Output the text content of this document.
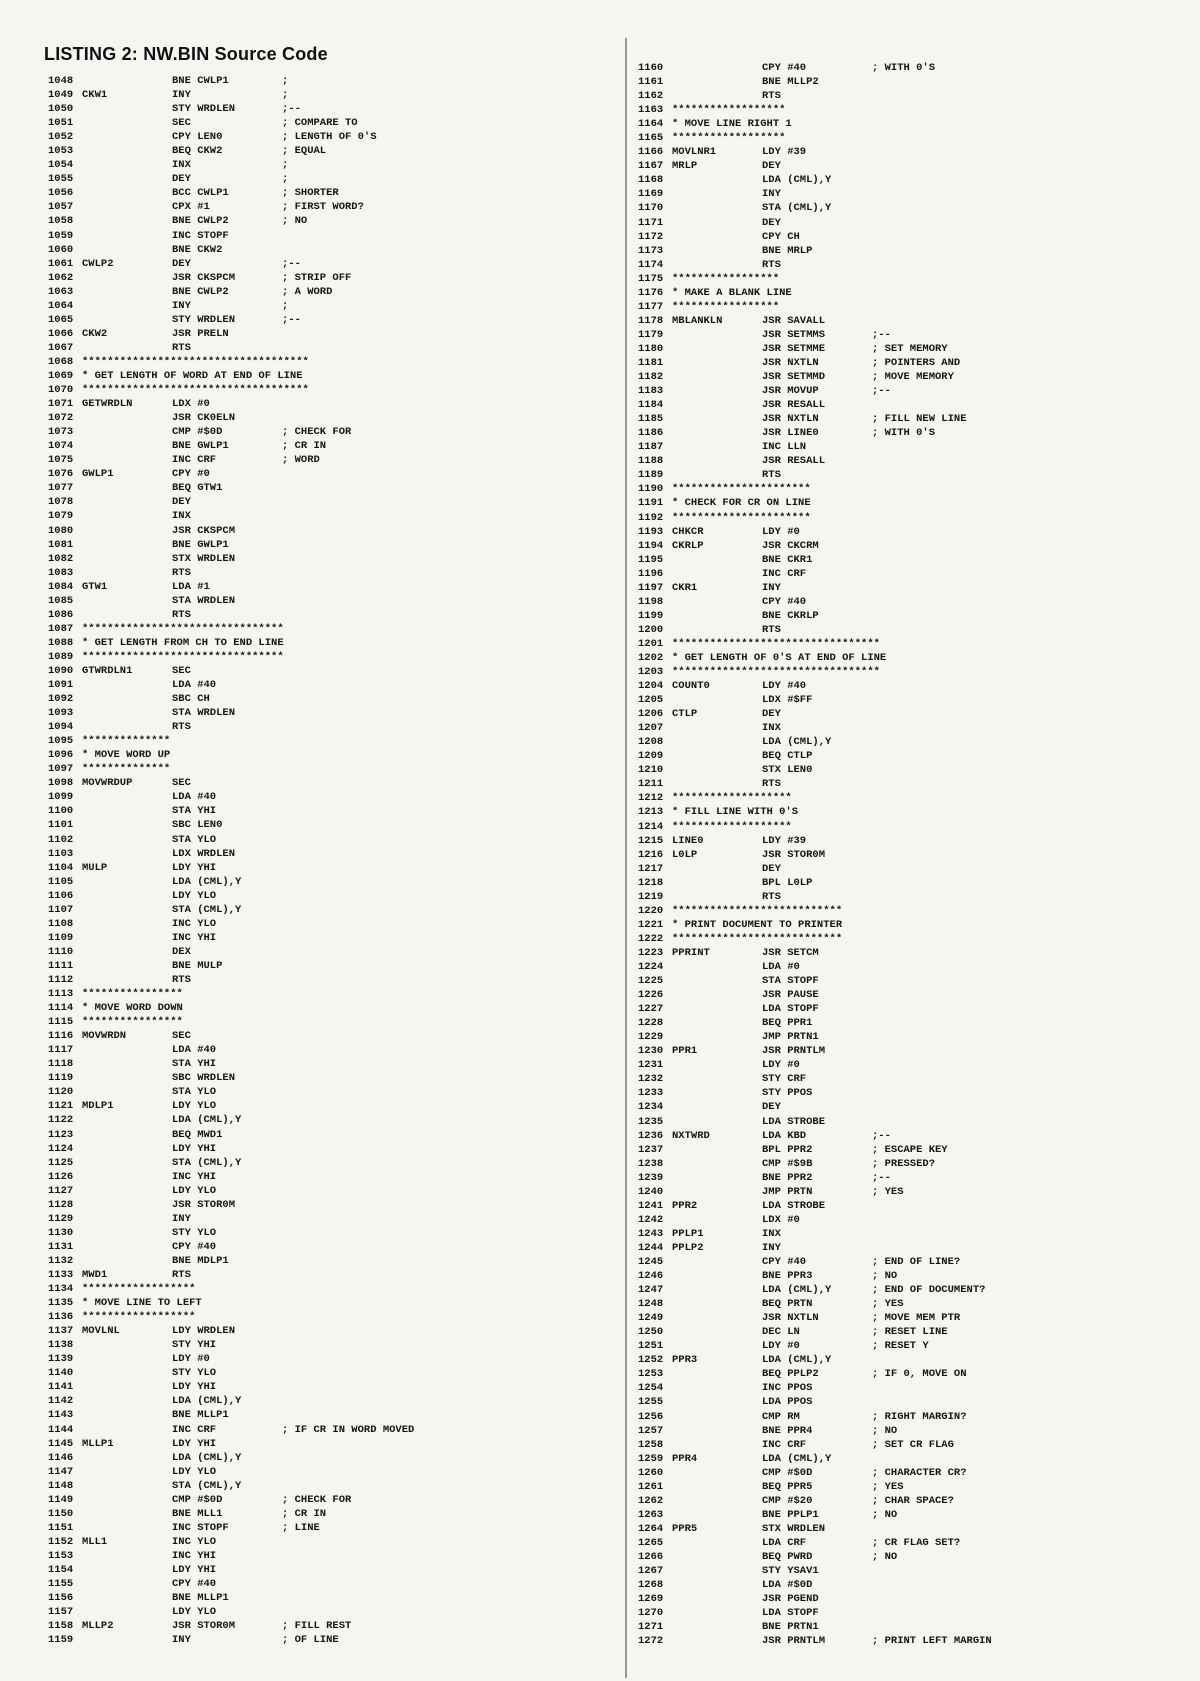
LISTING 2: NW.BIN Source Code
1048	BNE CWLP1	;
1049 CKW1	INY	;
1050	STY WRDLEN	;--
1051	SEC	; COMPARE TO
1052	CPY LEN0	; LENGTH OF 0'S
1053	BEQ CKW2	; EQUAL
1054	INX	;
1055	DEY	;
1056	BCC CWLP1	; SHORTER
1057	CPX #1	; FIRST WORD?
1058	BNE CWLP2	; NO
1059	INC STOPF
1060	BNE CKW2
1061 CWLP2	DEY	;--
1062	JSR CKSPCM	; STRIP OFF
1063	BNE CWLP2	; A WORD
1064	INY	;
1065	STY WRDLEN	;--
1066 CKW2	JSR PRELN
1067	RTS
1068 ************************************
1069 * GET LENGTH OF WORD AT END OF LINE
1070 ************************************
1071 GETWRDLN	LDX #0
1072	JSR CK0ELN
1073	CMP #$0D	; CHECK FOR
1074	BNE GWLP1	; CR IN
1075	INC CRF	; WORD
1076 GWLP1	CPY #0
1077	BEQ GTW1
1078	DEY
1079	INX
1080	JSR CKSPCM
1081	BNE GWLP1
1082	STX WRDLEN
1083	RTS
1084 GTW1	LDA #1
1085	STA WRDLEN
1086	RTS
1087 ********************************
1088 * GET LENGTH FROM CH TO END LINE
1089 ********************************
1090 GTWRDLN1	SEC
1091	LDA #40
1092	SBC CH
1093	STA WRDLEN
1094	RTS
1095 **************
1096 * MOVE WORD UP
1097 **************
1098 MOVWRDUP	SEC
1099	LDA #40
1100	STA YHI
1101	SBC LEN0
1102	STA YLO
1103	LDX WRDLEN
1104 MULP	LDY YHI
1105	LDA (CML),Y
1106	LDY YLO
1107	STA (CML),Y
1108	INC YLO
1109	INC YHI
1110	DEX
1111	BNE MULP
1112	RTS
1113 ****************
1114 * MOVE WORD DOWN
1115 ****************
1116 MOVWRDN	SEC
1117	LDA #40
1118	STA YHI
1119	SBC WRDLEN
1120	STA YLO
1121 MDLP1	LDY YLO
1122	LDA (CML),Y
1123	BEQ MWD1
1124	LDY YHI
1125	STA (CML),Y
1126	INC YHI
1127	LDY YLO
1128	JSR STOR0M
1129	INY
1130	STY YLO
1131	CPY #40
1132	BNE MDLP1
1133 MWD1	RTS
1134 ******************
1135 * MOVE LINE TO LEFT
1136 ******************
1137 MOVLNL	LDY WRDLEN
1138	STY YHI
1139	LDY #0
1140	STY YLO
1141	LDY YHI
1142	LDA (CML),Y
1143	BNE MLLP1
1144	INC CRF	; IF CR IN WORD MOVED
1145 MLLP1	LDY YHI
1146	LDA (CML),Y
1147	LDY YLO
1148	STA (CML),Y
1149	CMP #$0D	; CHECK FOR
1150	BNE MLL1	; CR IN
1151	INC STOPF	; LINE
1152 MLL1	INC YLO
1153	INC YHI
1154	LDY YHI
1155	CPY #40
1156	BNE MLLP1
1157	LDY YLO
1158 MLLP2	JSR STOR0M	; FILL REST
1159	INY	; OF LINE
1160	CPY #40	; WITH 0'S
1161	BNE MLLP2
1162	RTS
1163 ******************
1164 * MOVE LINE RIGHT 1
1165 ******************
1166 MOVLNR1	LDY #39
1167 MRLP	DEY
1168	LDA (CML),Y
1169	INY
1170	STA (CML),Y
1171	DEY
1172	CPY CH
1173	BNE MRLP
1174	RTS
1175 *****************
1176 * MAKE A BLANK LINE
1177 *****************
1178 MBLANKLN	JSR SAVALL
1179	JSR SETMMS	;--
1180	JSR SETMME	; SET MEMORY
1181	JSR NXTLN	; POINTERS AND
1182	JSR SETMMD	; MOVE MEMORY
1183	JSR MOVUP	;--
1184	JSR RESALL
1185	JSR NXTLN	; FILL NEW LINE
1186	JSR LINE0	; WITH 0'S
1187	INC LLN
1188	JSR RESALL
1189	RTS
1190 **********************
1191 * CHECK FOR CR ON LINE
1192 **********************
1193 CHKCR	LDY #0
1194 CKRLP	JSR CKCRM
1195	BNE CKR1
1196	INC CRF
1197 CKR1	INY
1198	CPY #40
1199	BNE CKRLP
1200	RTS
1201 *********************************
1202 * GET LENGTH OF 0'S AT END OF LINE
1203 *********************************
1204 COUNT0	LDY #40
1205	LDX #$FF
1206 CTLP	DEY
1207	INX
1208	LDA (CML),Y
1209	BEQ CTLP
1210	STX LEN0
1211	RTS
1212 *******************
1213 * FILL LINE WITH 0'S
1214 *******************
1215 LINE0	LDY #39
1216 L0LP	JSR STOR0M
1217	DEY
1218	BPL L0LP
1219	RTS
1220 ***************************
1221 * PRINT DOCUMENT TO PRINTER
1222 ***************************
1223 PPRINT	JSR SETCM
1224	LDA #0
1225	STA STOPF
1226	JSR PAUSE
1227	LDA STOPF
1228	BEQ PPR1
1229	JMP PRTN1
1230 PPR1	JSR PRNTLM
1231	LDY #0
1232	STY CRF
1233	STY PPOS
1234	DEY
1235	LDA STROBE
1236 NXTWRD	LDA KBD	;--
1237	BPL PPR2	; ESCAPE KEY
1238	CMP #$9B	; PRESSED?
1239	BNE PPR2	;--
1240	JMP PRTN	; YES
1241 PPR2	LDA STROBE
1242	LDX #0
1243 PPLP1	INX
1244 PPLP2	INY
1245	CPY #40	; END OF LINE?
1246	BNE PPR3	; NO
1247	LDA (CML),Y	; END OF DOCUMENT?
1248	BEQ PRTN	; YES
1249	JSR NXTLN	; MOVE MEM PTR
1250	DEC LN	; RESET LINE
1251	LDY #0	; RESET Y
1252 PPR3	LDA (CML),Y
1253	BEQ PPLP2	; IF 0, MOVE ON
1254	INC PPOS
1255	LDA PPOS
1256	CMP RM	; RIGHT MARGIN?
1257	BNE PPR4	; NO
1258	INC CRF	; SET CR FLAG
1259 PPR4	LDA (CML),Y
1260	CMP #$0D	; CHARACTER CR?
1261	BEQ PPR5	; YES
1262	CMP #$20	; CHAR SPACE?
1263	BNE PPLP1	; NO
1264 PPR5	STX WRDLEN
1265	LDA CRF	; CR FLAG SET?
1266	BEQ PWRD	; NO
1267	STY YSAV1
1268	LDA #$0D
1269	JSR PGEND
1270	LDA STOPF
1271	BNE PRTN1
1272	JSR PRNTLM	; PRINT LEFT MARGIN
